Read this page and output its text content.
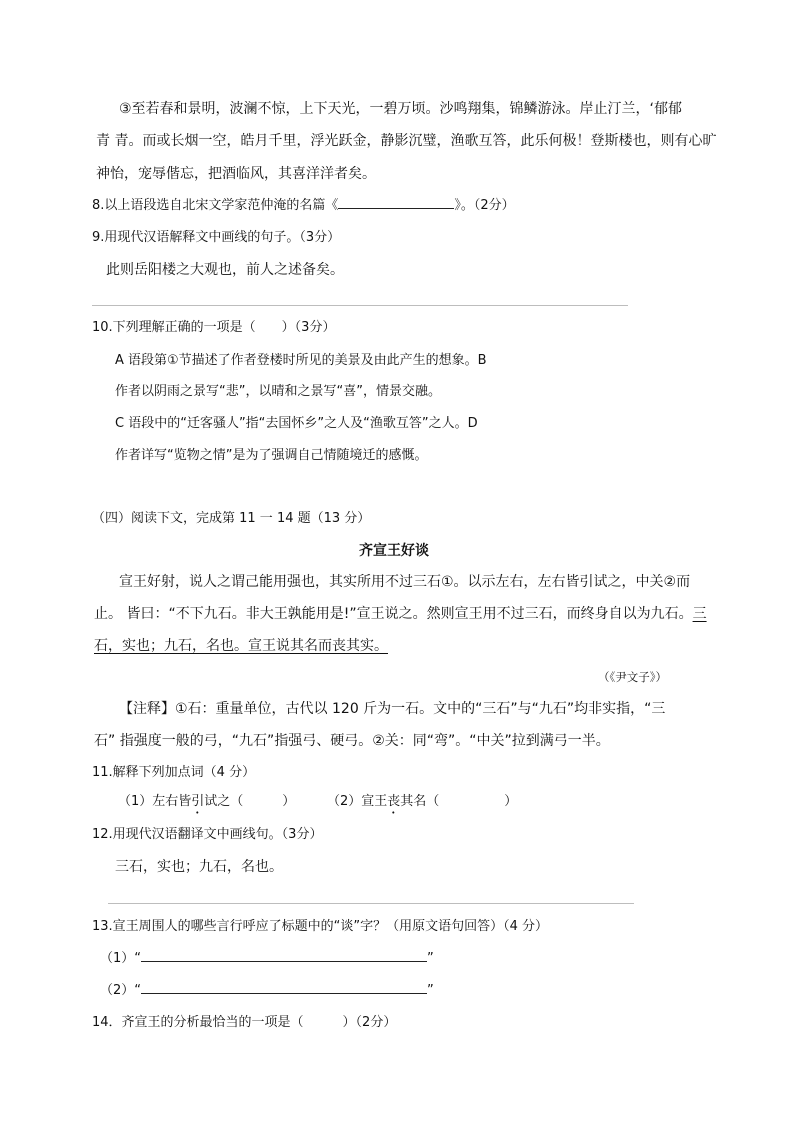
③至若春和景明，波澜不惊，上下天光，一碧万顷。沙鸣翔集，锦鳞游泳。岸止汀兰，‘郁郁
青 青。而或长烟一空，皓月千里，浮光跃金，静影沉璧，渔歌互答，此乐何极！登斯楼也，则有心旷
神怡，宠辱偕忘，把酒临风，其喜洋洋者矣。
8.以上语段选自北宋文学家范仲淹的名篇《	》。（2分）
9.用现代汉语解释文中画线的句子。（3分）
此则岳阳楼之大观也，前人之述备矣。
10.下列理解正确的一项是（　　）（3分）
A 语段第①节描述了作者登楼时所见的美景及由此产生的想象。B
作者以阴雨之景写“悲”，以晴和之景写“喜”，情景交融。
C 语段中的“迁客骚人”指“去国怀乡”之人及“渔歌互答”之人。D
作者详写“览物之情”是为了强调自己情随境迁的感慨。
（四）阅读下文，完成第 11 一 14 题（13 分）
齐宣王好谈
宣王好射，说人之谓己能用强也，其实所用不过三石①。以示左右，左右皆引试之，中关②而
止。 皆曰：“不下九石。非大王孰能用是!”宣王说之。然则宣王用不过三石，而终身自以为九石。三
石，实也；九石，名也。宣王说其名而丧其实。
（《尹文子》）
【注释】①石：重量单位，古代以 120 斤为一石。文中的“三石”与“九石”均非实指，“三
石” 指强度一般的弓，“九石”指强弓、硬弓。②关：同“弯”。“中关”拉到满弓一半。
11.解释下列加点词（4 分）
（1）左右皆引试之（　　　） （2）宣王丧其名（　　　　　）
12.用现代汉语翻译文中画线句。（3分）
三石，实也；九石，名也。
13.宣王周围人的哪些言行呼应了标题中的“谈”字？（用原文语句回答）（4 分）
（1）“	”
（2）“	”
14．齐宣王的分析最恰当的一项是（　　　）（2分）
